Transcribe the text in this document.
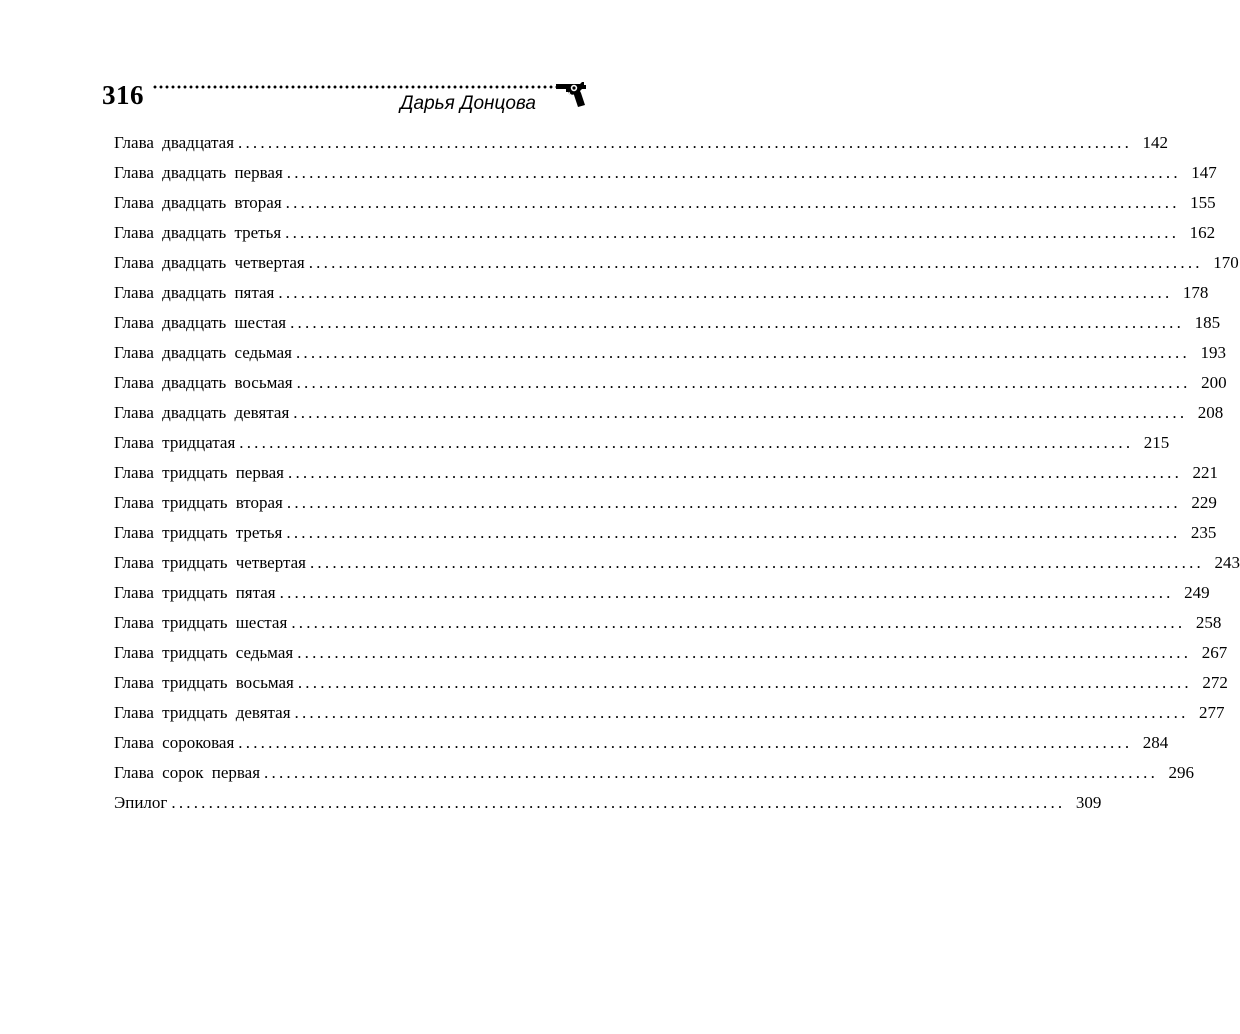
316	Дарья Донцова
Глава двадцатая ........................................................................................................................ 142
Глава двадцать первая ........................................................................................................................ 147
Глава двадцать вторая ........................................................................................................................ 155
Глава двадцать третья ........................................................................................................................ 162
Глава двадцать четвертая ........................................................................................................................ 170
Глава двадцать пятая ........................................................................................................................ 178
Глава двадцать шестая ........................................................................................................................ 185
Глава двадцать седьмая ........................................................................................................................ 193
Глава двадцать восьмая ........................................................................................................................ 200
Глава двадцать девятая ........................................................................................................................ 208
Глава тридцатая ........................................................................................................................ 215
Глава тридцать первая ........................................................................................................................ 221
Глава тридцать вторая ........................................................................................................................ 229
Глава тридцать третья ........................................................................................................................ 235
Глава тридцать четвертая ........................................................................................................................ 243
Глава тридцать пятая ........................................................................................................................ 249
Глава тридцать шестая ........................................................................................................................ 258
Глава тридцать седьмая ........................................................................................................................ 267
Глава тридцать восьмая ........................................................................................................................ 272
Глава тридцать девятая ........................................................................................................................ 277
Глава сороковая ........................................................................................................................ 284
Глава сорок первая ........................................................................................................................ 296
Эпилог ........................................................................................................................ 309
